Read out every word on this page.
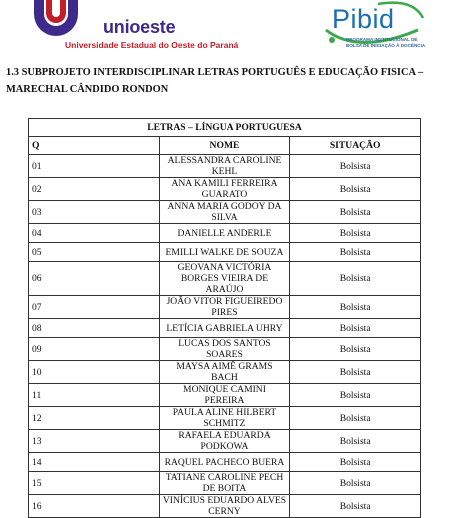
unioeste
Universidade Estadual do Oeste do Paraná
Pibid
PROGRAMA INSTITUCIONAL DE BOLSA DE INICIAÇÃO À DOCÊNCIA
1.3 SUBPROJETO INTERDISCIPLINAR LETRAS PORTUGUÊS E EDUCAÇÃO FISICA –
MARECHAL CÂNDIDO RONDON
LETRAS – LÍNGUA PORTUGUESA		
Q	NOME	SITUAÇÃO
01	ALESSANDRA CAROLINE KEHL	Bolsista
02	ANA KAMILI FERREIRA GUARATO	Bolsista
03	ANNA MARIA GODOY DA SILVA	Bolsista
04	DANIELLE ANDERLE	Bolsista
05	EMILLI WALKE DE SOUZA	Bolsista
06	GEOVANA VICTÓRIA BORGES VIEIRA DE ARAÚJO	Bolsista
07	JOÃO VITOR FIGUEIREDO PIRES	Bolsista
08	LETÍCIA GABRIELA UHRY	Bolsista
09	LUCAS DOS SANTOS SOARES	Bolsista
10	MAYSA AIMÊ GRAMS BACH	Bolsista
11	MONIQUE CAMINI PEREIRA	Bolsista
12	PAULA ALINE HILBERT SCHMITZ	Bolsista
13	RAFAELA EDUARDA PODKOWA	Bolsista
14	RAQUEL PACHECO BUERA	Bolsista
15	TATIANE CAROLINE PECH DE BOITA	Bolsista
16	VINÍCIUS EDUARDO ALVES CERNY	Bolsista
